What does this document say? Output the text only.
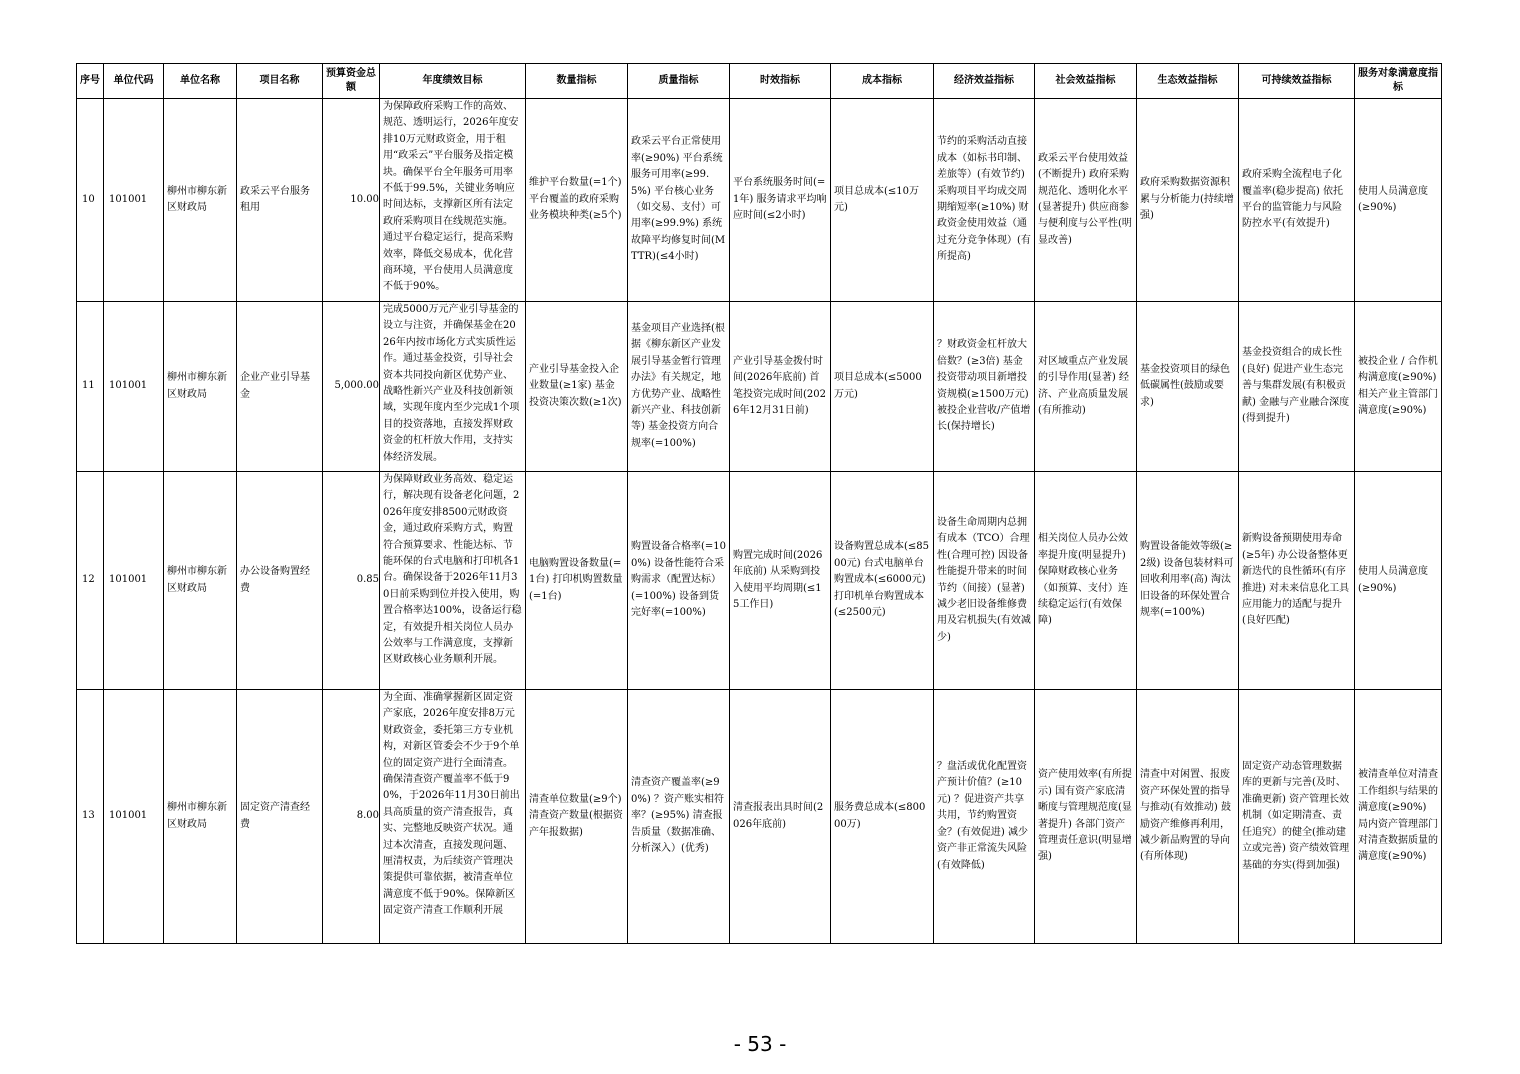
序号	单位代码	单位名称	项目名称	预算资金总额	年度绩效目标	数量指标	质量指标	时效指标	成本指标	经济效益指标	社会效益指标	生态效益指标	可持续效益指标	服务对象满意度指标
10	101001	柳州市柳东新区财政局	政采云平台服务租用	10.00	为保障政府采购工作的高效、规范、透明运行，2026年度安排10万元财政资金，用于租用“政采云”平台服务及指定模块。确保平台全年服务可用率不低于99.5%，关键业务响应时间达标，支撑新区所有法定政府采购项目在线规范实施。通过平台稳定运行，提高采购效率，降低交易成本，优化营商环境，平台使用人员满意度不低于90%。	维护平台数量(=1个) 平台覆盖的政府采购业务模块种类(≥5个)	政采云平台正常使用率(≥90%) 平台系统服务可用率(≥99.5%) 平台核心业务（如交易、支付）可用率(≥99.9%) 系统故障平均修复时间(MTTR)(≤4小时)	平台系统服务时间(=1年) 服务请求平均响应时间(≤2小时)	项目总成本(≤10万元)	节约的采购活动直接成本（如标书印制、差旅等）(有效节约) 采购项目平均成交周期缩短率(≥10%) 财政资金使用效益（通过充分竞争体现）(有所提高)	政采云平台使用效益(不断提升) 政府采购规范化、透明化水平(显著提升) 供应商参与便利度与公平性(明显改善)	政府采购数据资源积累与分析能力(持续增强)	政府采购全流程电子化覆盖率(稳步提高) 依托平台的监管能力与风险防控水平(有效提升)	使用人员满意度(≥90%)
11	101001	柳州市柳东新区财政局	企业产业引导基金	5,000.00	完成5000万元产业引导基金的设立与注资，并确保基金在2026年内按市场化方式实质性运作。通过基金投资，引导社会资本共同投向新区优势产业、战略性新兴产业及科技创新领域，实现年度内至少完成1个项目的投资落地，直接发挥财政资金的杠杆放大作用，支持实体经济发展。	产业引导基金投入企业数量(≥1家) 基金投资决策次数(≥1次)	基金项目产业选择(根据《柳东新区产业发展引导基金暂行管理办法》有关规定，地方优势产业、战略性新兴产业、科技创新等) 基金投资方向合规率(=100%)	产业引导基金拨付时间(2026年底前) 首笔投资完成时间(2026年12月31日前)	项目总成本(≤5000万元)	？财政资金杠杆放大倍数？(≥3倍) 基金投资带动项目新增投资规模(≥1500万元) 被投企业营收/产值增长(保持增长)	对区域重点产业发展的引导作用(显著) 经济、产业高质量发展(有所推动)	基金投资项目的绿色低碳属性(鼓励或要求)	基金投资组合的成长性(良好) 促进产业生态完善与集群发展(有积极贡献) 金融与产业融合深度(得到提升)	被投企业 / 合作机构满意度(≥90%) 相关产业主管部门满意度(≥90%)
12	101001	柳州市柳东新区财政局	办公设备购置经费	0.85	为保障财政业务高效、稳定运行，解决现有设备老化问题，2026年度安排8500元财政资金，通过政府采购方式，购置符合预算要求、性能达标、节能环保的台式电脑和打印机各1台。确保设备于2026年11月30日前采购到位并投入使用，购置合格率达100%，设备运行稳定，有效提升相关岗位人员办公效率与工作满意度，支撑新区财政核心业务顺利开展。	电脑购置设备数量(=1台) 打印机购置数量(=1台)	购置设备合格率(=100%) 设备性能符合采购需求（配置达标）(=100%) 设备到货完好率(=100%)	购置完成时间(2026年底前) 从采购到投入使用平均周期(≤15工作日)	设备购置总成本(≤8500元) 台式电脑单台购置成本(≤6000元) 打印机单台购置成本(≤2500元)	设备生命周期内总拥有成本（TCO）合理性(合理可控) 因设备性能提升带来的时间节约（间接）(显著) 减少老旧设备维修费用及宕机损失(有效减少)	相关岗位人员办公效率提升度(明显提升) 保障财政核心业务（如预算、支付）连续稳定运行(有效保障)	购置设备能效等级(≥2级) 设备包装材料可回收利用率(高) 淘汰旧设备的环保处置合规率(=100%)	新购设备预期使用寿命(≥5年) 办公设备整体更新迭代的良性循环(有序推进) 对未来信息化工具应用能力的适配与提升(良好匹配)	使用人员满意度(≥90%)
13	101001	柳州市柳东新区财政局	固定资产清查经费	8.00	为全面、准确掌握新区固定资产家底，2026年度安排8万元财政资金，委托第三方专业机构，对新区管委会不少于9个单位的固定资产进行全面清查。确保清查资产覆盖率不低于90%，于2026年11月30日前出具高质量的资产清查报告，真实、完整地反映资产状况。通过本次清查，直接发现问题、厘清权责，为后续资产管理决策提供可靠依据，被清查单位满意度不低于90%。保障新区固定资产清查工作顺利开展	清查单位数量(≥9个) 清查资产数量(根据资产年报数据)	清查资产覆盖率(≥90%) ？资产账实相符率？(≥95%) 清查报告质量（数据准确、分析深入）(优秀)	清查报表出具时间(2026年底前)	服务费总成本(≤80000万)	？盘活或优化配置资产预计价值？(≥10元) ？促进资产共享共用，节约购置资金？(有效促进) 减少资产非正常流失风险(有效降低)	资产使用效率(有所提示) 国有资产家底清晰度与管理规范度(显著提升) 各部门资产管理责任意识(明显增强)	清查中对闲置、报废资产环保处置的指导与推动(有效推动) 鼓励资产维修再利用，减少新品购置的导向(有所体现)	固定资产动态管理数据库的更新与完善(及时、准确更新) 资产管理长效机制（如定期清查、责任追究）的健全(推动建立或完善) 资产绩效管理基础的夯实(得到加强)	被清查单位对清查工作组织与结果的满意度(≥90%) 局内资产管理部门对清查数据质量的满意度(≥90%)
- 53 -
